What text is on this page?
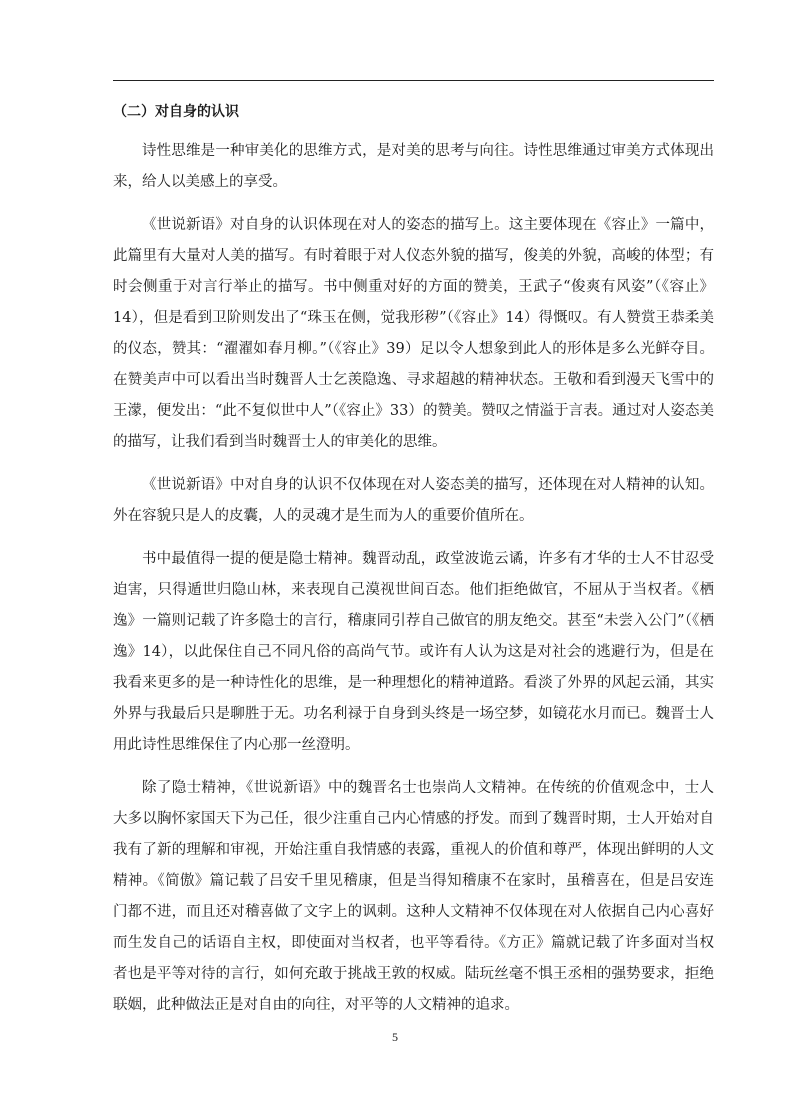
（二）对自身的认识

诗性思维是一种审美化的思维方式，是对美的思考与向往。诗性思维通过审美方式体现出来，给人以美感上的享受。

《世说新语》对自身的认识体现在对人的姿态的描写上。这主要体现在《容止》一篇中，此篇里有大量对人美的描写。有时着眼于对人仪态外貌的描写，俊美的外貌，高峻的体型；有时会侧重于对言行举止的描写。书中侧重对好的方面的赞美，王武子“俊爽有风姿”（《容止》14），但是看到卫阶则发出了“珠玉在侧，觉我形秽”（《容止》14）得慨叹。有人赞赏王恭柔美的仪态，赞其：“濯濯如春月柳。”（《容止》39）足以令人想象到此人的形体是多么光鲜夺目。在赞美声中可以看出当时魏晋人士乞羡隐逸、寻求超越的精神状态。王敬和看到漫天飞雪中的王濛，便发出：“此不复似世中人”（《容止》33）的赞美。赞叹之情溢于言表。通过对人姿态美的描写，让我们看到当时魏晋士人的审美化的思维。

《世说新语》中对自身的认识不仅体现在对人姿态美的描写，还体现在对人精神的认知。外在容貌只是人的皮囊，人的灵魂才是生而为人的重要价值所在。

书中最值得一提的便是隐士精神。魏晋动乱，政堂波诡云谲，许多有才华的士人不甘忍受迫害，只得遁世归隐山林，来表现自己漠视世间百态。他们拒绝做官，不屈从于当权者。《栖逸》一篇则记载了许多隐士的言行，稽康同引荐自己做官的朋友绝交。甚至“未尝入公门”（《栖逸》14），以此保住自己不同凡俗的高尚气节。或许有人认为这是对社会的逃避行为，但是在我看来更多的是一种诗性化的思维，是一种理想化的精神道路。看淡了外界的风起云涌，其实外界与我最后只是聊胜于无。功名利禄于自身到头终是一场空梦，如镜花水月而已。魏晋士人用此诗性思维保住了内心那一丝澄明。

除了隐士精神，《世说新语》中的魏晋名士也崇尚人文精神。在传统的价值观念中，士人大多以胸怀家国天下为己任，很少注重自己内心情感的抒发。而到了魏晋时期，士人开始对自我有了新的理解和审视，开始注重自我情感的表露，重视人的价值和尊严，体现出鲜明的人文精神。《简傲》篇记载了吕安千里见稽康，但是当得知稽康不在家时，虽稽喜在，但是吕安连门都不进，而且还对稽喜做了文字上的讽刺。这种人文精神不仅体现在对人依据自己内心喜好而生发自己的话语自主权，即使面对当权者，也平等看待。《方正》篇就记载了许多面对当权者也是平等对待的言行，如何充敢于挑战王敦的权威。陆玩丝毫不惧王丞相的强势要求，拒绝联姻，此种做法正是对自由的向往，对平等的人文精神的追求。

5
